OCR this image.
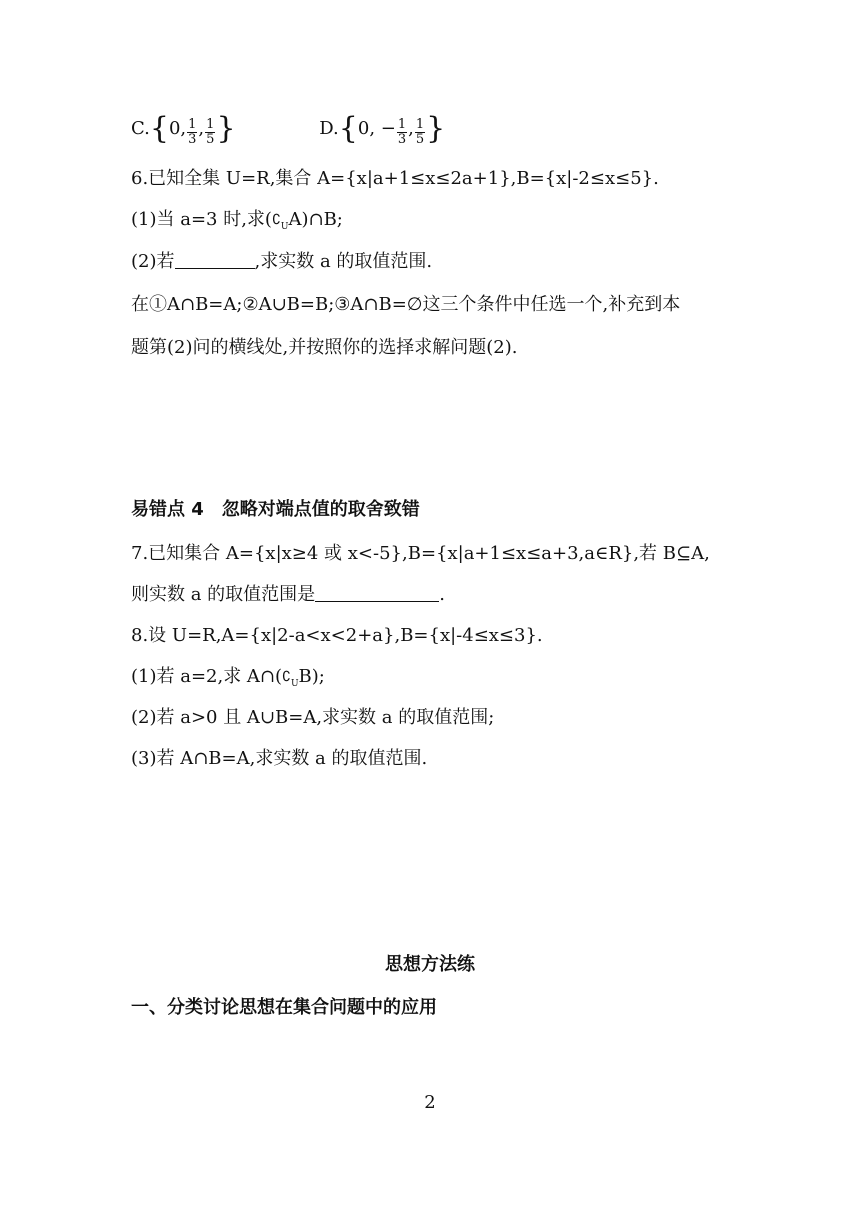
C.{0, $\frac{1}{3}$ , $\frac{1}{5}$ }	D.{0, − $\frac{1}{3}$ , $\frac{1}{5}$ }
6.已知全集 U=R,集合 A={x|a+1≤x≤2a+1},B={x|-2≤x≤5}.
(1)当 a=3 时,求$(∁_UA)\cap B$;
(2)若	,求实数 a 的取值范围.
在①A∩B=A;②A∪B=B;③A∩B=∅这三个条件中任选一个,补充到本
题第(2)问的横线处,并按照你的选择求解问题(2).
易错点 4　忽略对端点值的取舍致错
7.已知集合 A={x|x≥4 或 x<-5},B={x|a+1≤x≤a+3,a∈R},若 B⊆A,
则实数 a 的取值范围是	.
8.设 U=R,A={x|2-a<x<2+a},B={x|-4≤x≤3}.
(1)若 a=2,求 $A\cap(∁_UB)$;
(2)若 a>0 且 A∪B=A,求实数 a 的取值范围;
(3)若 A∩B=A,求实数 a 的取值范围.
思想方法练
一、分类讨论思想在集合问题中的应用
2
